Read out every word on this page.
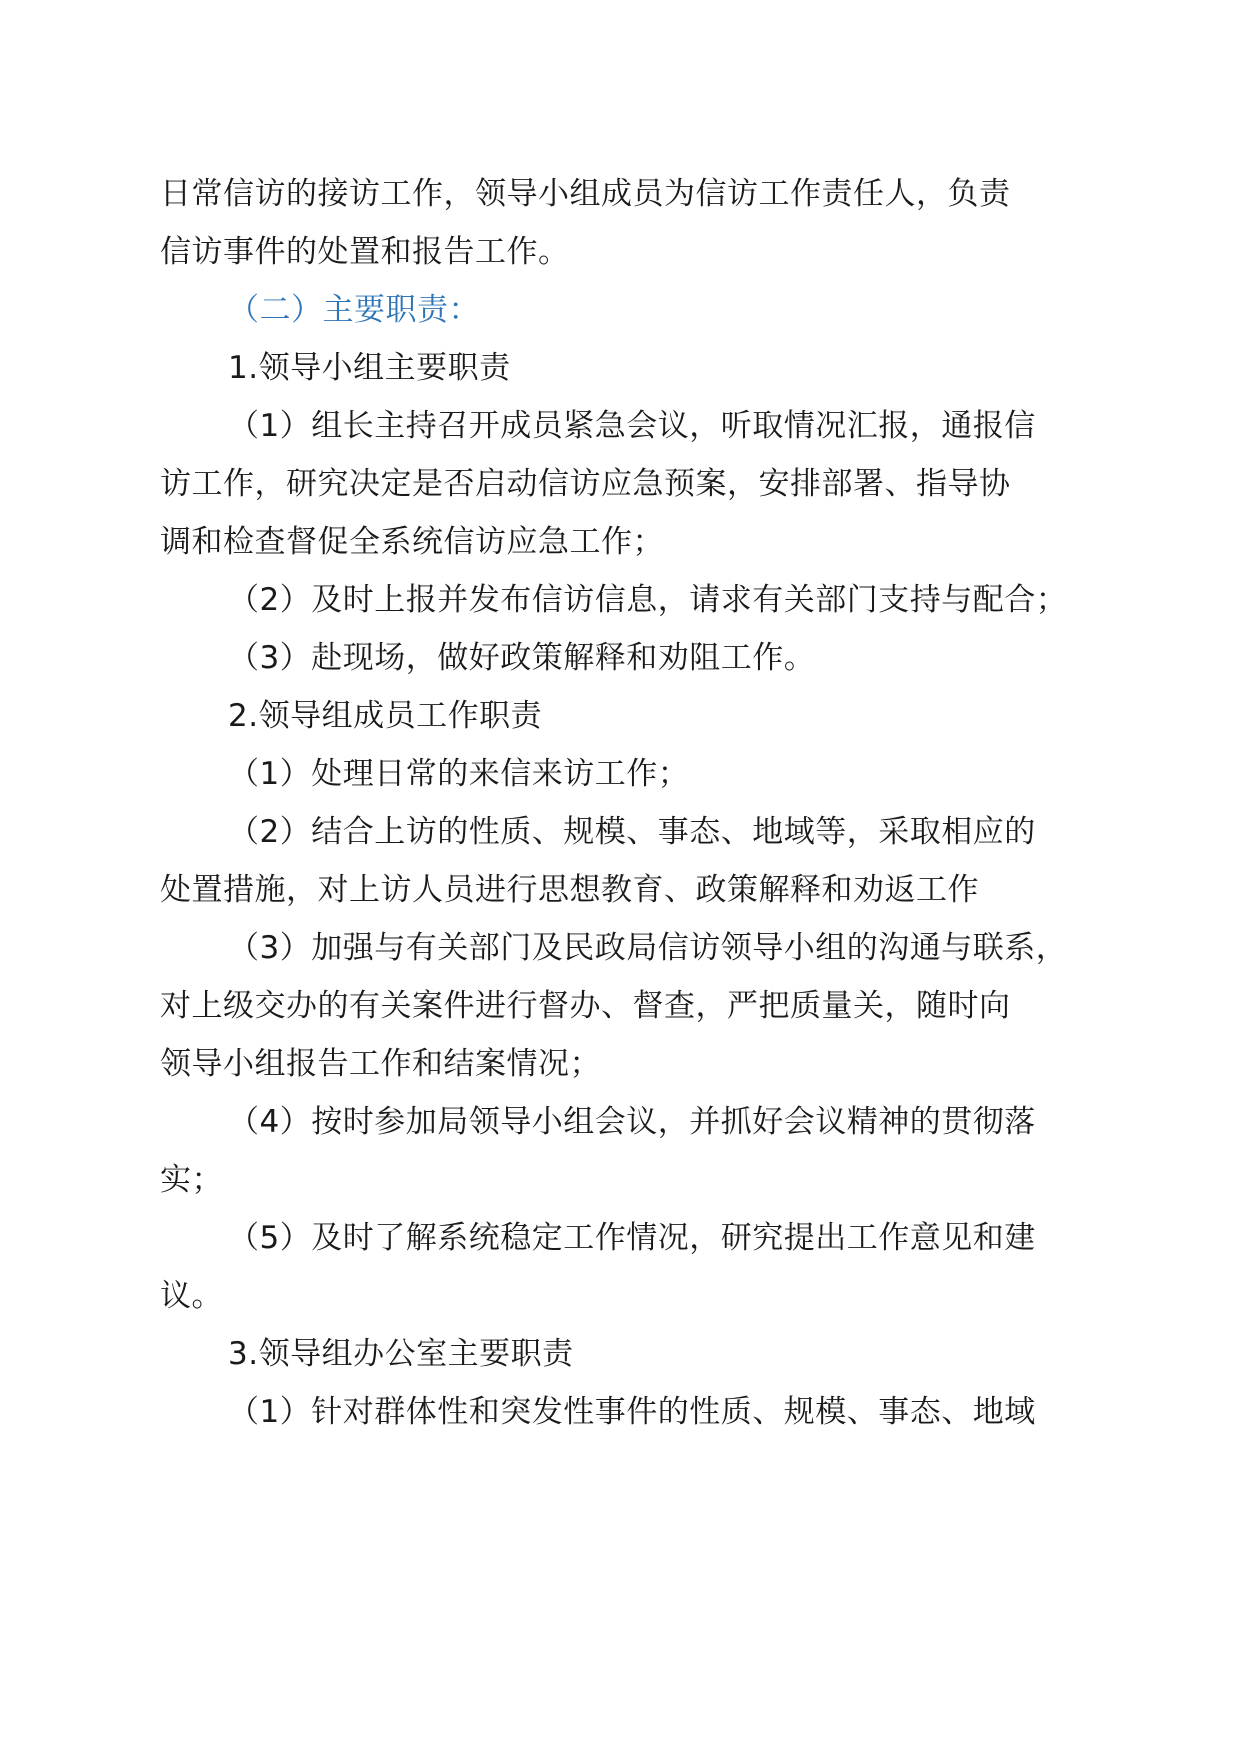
日常信访的接访工作，领导小组成员为信访工作责任人，负责
信访事件的处置和报告工作。
（二）主要职责：
1.领导小组主要职责
（1）组长主持召开成员紧急会议，听取情况汇报，通报信
访工作，研究决定是否启动信访应急预案，安排部署、指导协
调和检查督促全系统信访应急工作；
（2）及时上报并发布信访信息，请求有关部门支持与配合；
（3）赴现场，做好政策解释和劝阻工作。
2.领导组成员工作职责
（1）处理日常的来信来访工作；
（2）结合上访的性质、规模、事态、地域等，采取相应的
处置措施，对上访人员进行思想教育、政策解释和劝返工作
（3）加强与有关部门及民政局信访领导小组的沟通与联系，
对上级交办的有关案件进行督办、督查，严把质量关，随时向
领导小组报告工作和结案情况；
（4）按时参加局领导小组会议，并抓好会议精神的贯彻落
实；
（5）及时了解系统稳定工作情况，研究提出工作意见和建
议。
3.领导组办公室主要职责
（1）针对群体性和突发性事件的性质、规模、事态、地域
